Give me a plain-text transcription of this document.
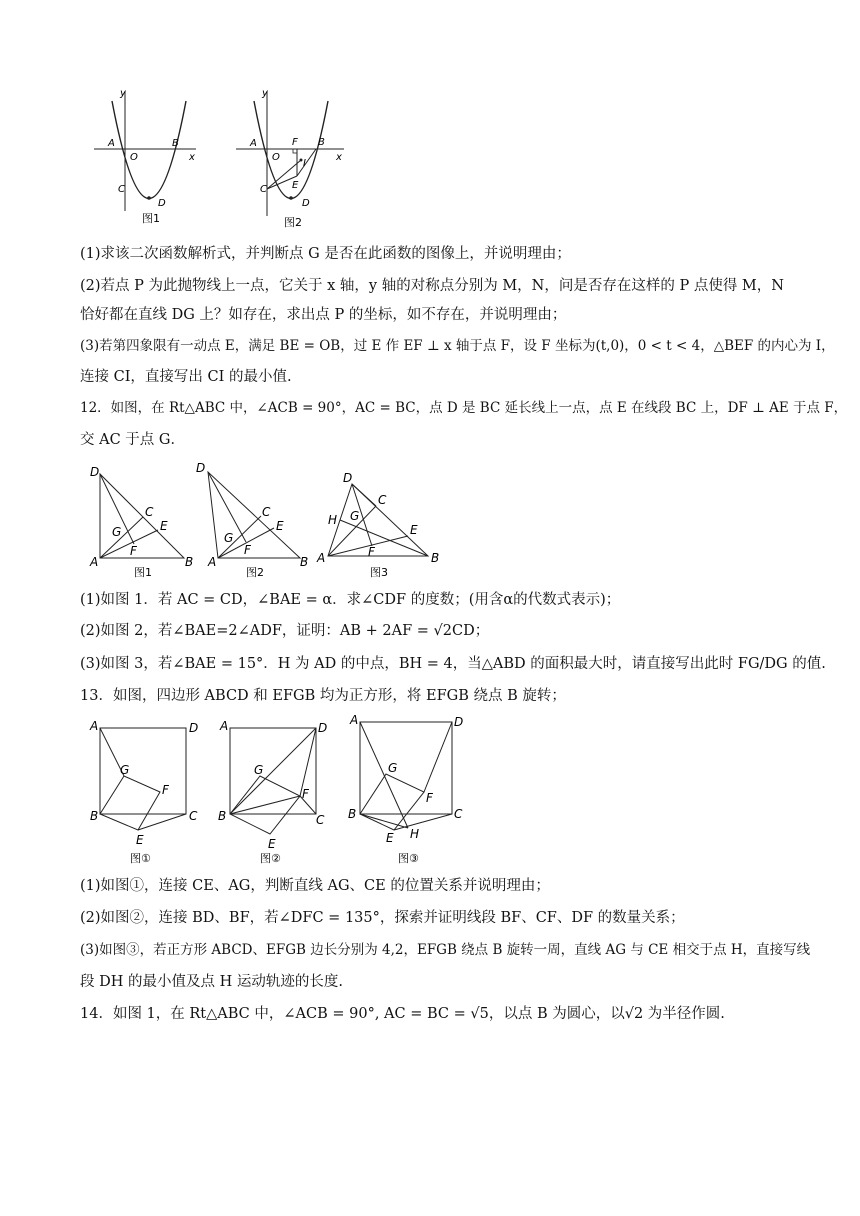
y
A
O
B
x
C
D
图1
y
A
O
F B
x
I
C	E
D
图2
(1)求该二次函数解析式，并判断点 G 是否在此函数的图像上，并说明理由；
(2)若点 P 为此抛物线上一点，它关于 x 轴，y 轴的对称点分别为 M，N，问是否存在这样的 P 点使得 M，N
恰好都在直线 DG 上？如存在，求出点 P 的坐标，如不存在，并说明理由；
(3)若第四象限有一动点 E，满足 BE = OB，过 E 作 EF ⊥ x 轴于点 F，设 F 坐标为(t,0)，0 < t < 4，△BEF 的内心为 I，
连接 CI，直接写出 CI 的最小值.
12．如图，在 Rt△ABC 中，∠ACB = 90°，AC = BC，点 D 是 BC 延长线上一点，点 E 在线段 BC 上，DF ⊥ AE 于点 F，
交 AC 于点 G．
D
C
G	E
F
A	B
图1
D
C
E
G
F
A	B
图2
D
C
H G
E
F
A	B
图3
(1)如图 1．若 AC = CD，∠BAE = α．求∠CDF 的度数；(用含α的代数式表示)；
(2)如图 2，若∠BAE=2∠ADF，证明：AB + 2AF = √2CD；
(3)如图 3，若∠BAE = 15°．H 为 AD 的中点，BH = 4，当△ABD 的面积最大时，请直接写出此时 FG/DG 的值.
13．如图，四边形 ABCD 和 EFGB 均为正方形，将 EFGB 绕点 B 旋转；
A	D
G
F
B	C
E
图①
A	D
G
F
B	C
E
图②
A	D
G
F
B	C
E H
图③
(1)如图①，连接 CE、AG，判断直线 AG、CE 的位置关系并说明理由；
(2)如图②，连接 BD、BF，若∠DFC = 135°，探索并证明线段 BF、CF、DF 的数量关系；
(3)如图③，若正方形 ABCD、EFGB 边长分别为 4,2，EFGB 绕点 B 旋转一周，直线 AG 与 CE 相交于点 H，直接写线
段 DH 的最小值及点 H 运动轨迹的长度.
14．如图 1，在 Rt△ABC 中，∠ACB = 90°, AC = BC = √5，以点 B 为圆心，以√2 为半径作圆.
